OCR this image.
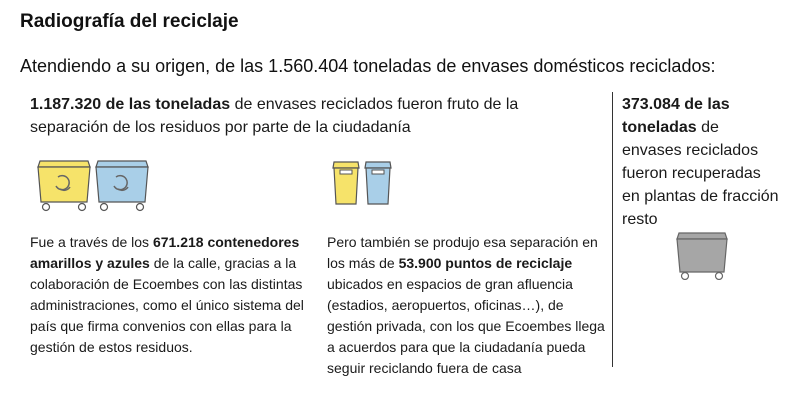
Radiografía del reciclaje
Atendiendo a su origen, de las 1.560.404 toneladas de envases domésticos reciclados:
1.187.320 de las toneladas de envases reciclados fueron fruto de la separación de los residuos por parte de la ciudadanía
373.084 de las toneladas de envases reciclados fueron recuperadas en plantas de fracción resto
Fue a través de los 671.218 contenedores amarillos y azules de la calle, gracias a la colaboración de Ecoembes con las distintas administraciones, como el único sistema del país que firma convenios con ellas para la gestión de estos residuos.
Pero también se produjo esa separación en los más de 53.900 puntos de reciclaje ubicados en espacios de gran afluencia (estadios, aeropuertos, oficinas…), de gestión privada, con los que Ecoembes llega a acuerdos para que la ciudadanía pueda seguir reciclando fuera de casa
